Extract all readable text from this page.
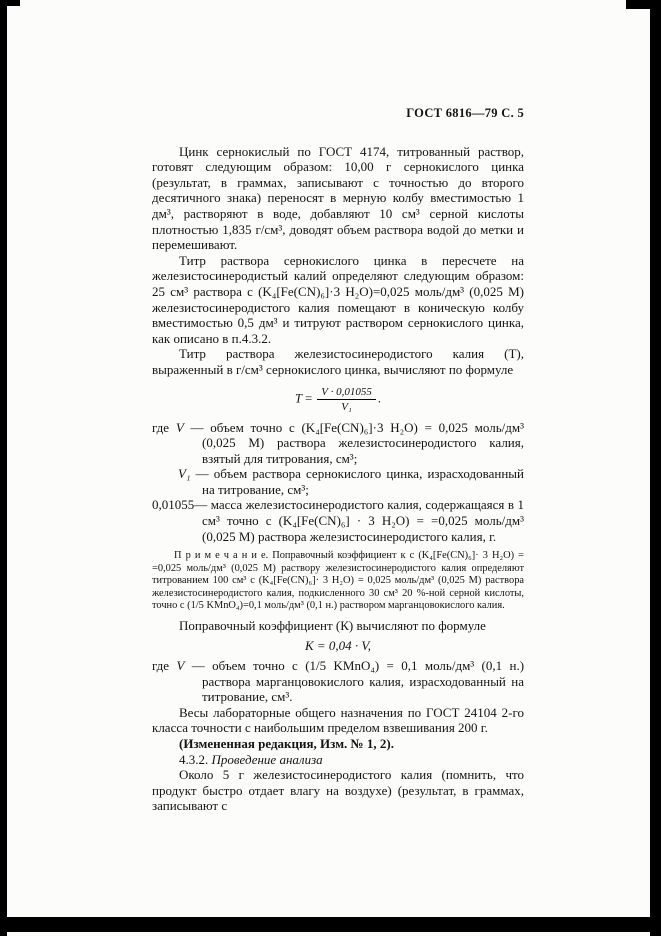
ГОСТ 6816—79 С. 5

Цинк сернокислый по ГОСТ 4174, титрованный раствор, готовят следующим образом: 10,00 г сернокислого цинка (результат, в граммах, записывают с точностью до второго десятичного знака) переносят в мерную колбу вместимостью 1 дм³, растворяют в воде, добавляют 10 см³ серной кислоты плотностью 1,835 г/см³, доводят объем раствора водой до метки и перемешивают.

Титр раствора сернокислого цинка в пересчете на железистосинеродистый калий определяют следующим образом: 25 см³ раствора с (K₄[Fe(CN)₆]·3 H₂O)=0,025 моль/дм³ (0,025 М) железистосинеродистого калия помещают в коническую колбу вместимостью 0,5 дм³ и титруют раствором сернокислого цинка, как описано в п.4.3.2.

Титр раствора железистосинеродистого калия (Т), выраженный в г/см³ сернокислого цинка, вычисляют по формуле

$T = \frac{V \cdot 0,01055}{\text{V₁}}$ .
где V — объем точно с (K₄[Fe(CN)₆]·3 H₂O) = 0,025 моль/дм³ (0,025 М) раствора железистосинеродистого калия, взятый для титрования, см³;
V₁ — объем раствора сернокислого цинка, израсходованный на титрование, см³;
0,01055— масса железистосинеродистого калия, содержащаяся в 1 см³ точно с (K₄[Fe(CN)₆] · 3 H₂O) = =0,025 моль/дм³ (0,025 М) раствора железистосинеродистого калия, г.
П р и м е ч а н и е. Поправочный коэффициент к с (K₄[Fe(CN)₆]· 3 H₂O) = =0,025 моль/дм³ (0,025 М) раствору железистосинеродистого калия определяют титрованием 100 см³ с (K₄[Fe(CN)₆]· 3 H₂O) = 0,025 моль/дм³ (0,025 М) раствора железистосинеродистого калия, подкисленного 30 см³ 20 %-ной серной кислоты, точно с (1/5 KMnO₄)=0,1 моль/дм³ (0,1 н.) раствором марганцовокислого калия.

Поправочный коэффициент (К) вычисляют по формуле

К = 0,04 · V,
где V — объем точно с (1/5 KMnO₄) = 0,1 моль/дм³ (0,1 н.) раствора марганцовокислого калия, израсходованный на титрование, см³.

Весы лабораторные общего назначения по ГОСТ 24104 2-го класса точности с наибольшим пределом взвешивания 200 г.

(Измененная редакция, Изм. № 1, 2).

4.3.2. Проведение анализа

Около 5 г железистосинеродистого калия (помнить, что продукт быстро отдает влагу на воздухе) (результат, в граммах, записывают с
